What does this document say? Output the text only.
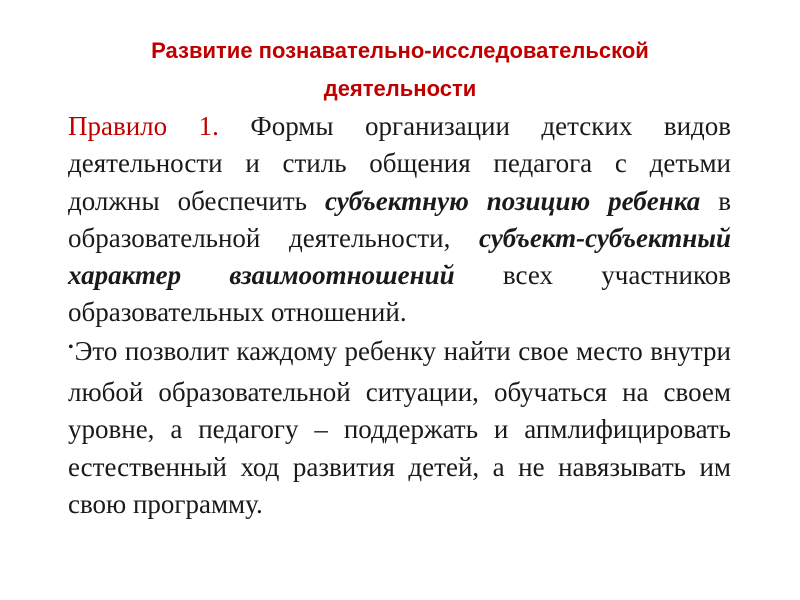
Развитие познавательно-исследовательской
деятельности

Правило 1. Формы организации детских видов деятельности и стиль общения педагога с детьми должны обеспечить субъектную позицию ребенка в образовательной деятельности, субъект-субъектный характер взаимоотношений всех участников образовательных отношений.

•Это позволит каждому ребенку найти свое место внутри любой образовательной ситуации, обучаться на своем уровне, а педагогу – поддержать и апмлифицировать естественный ход развития детей, а не навязывать им свою программу.
